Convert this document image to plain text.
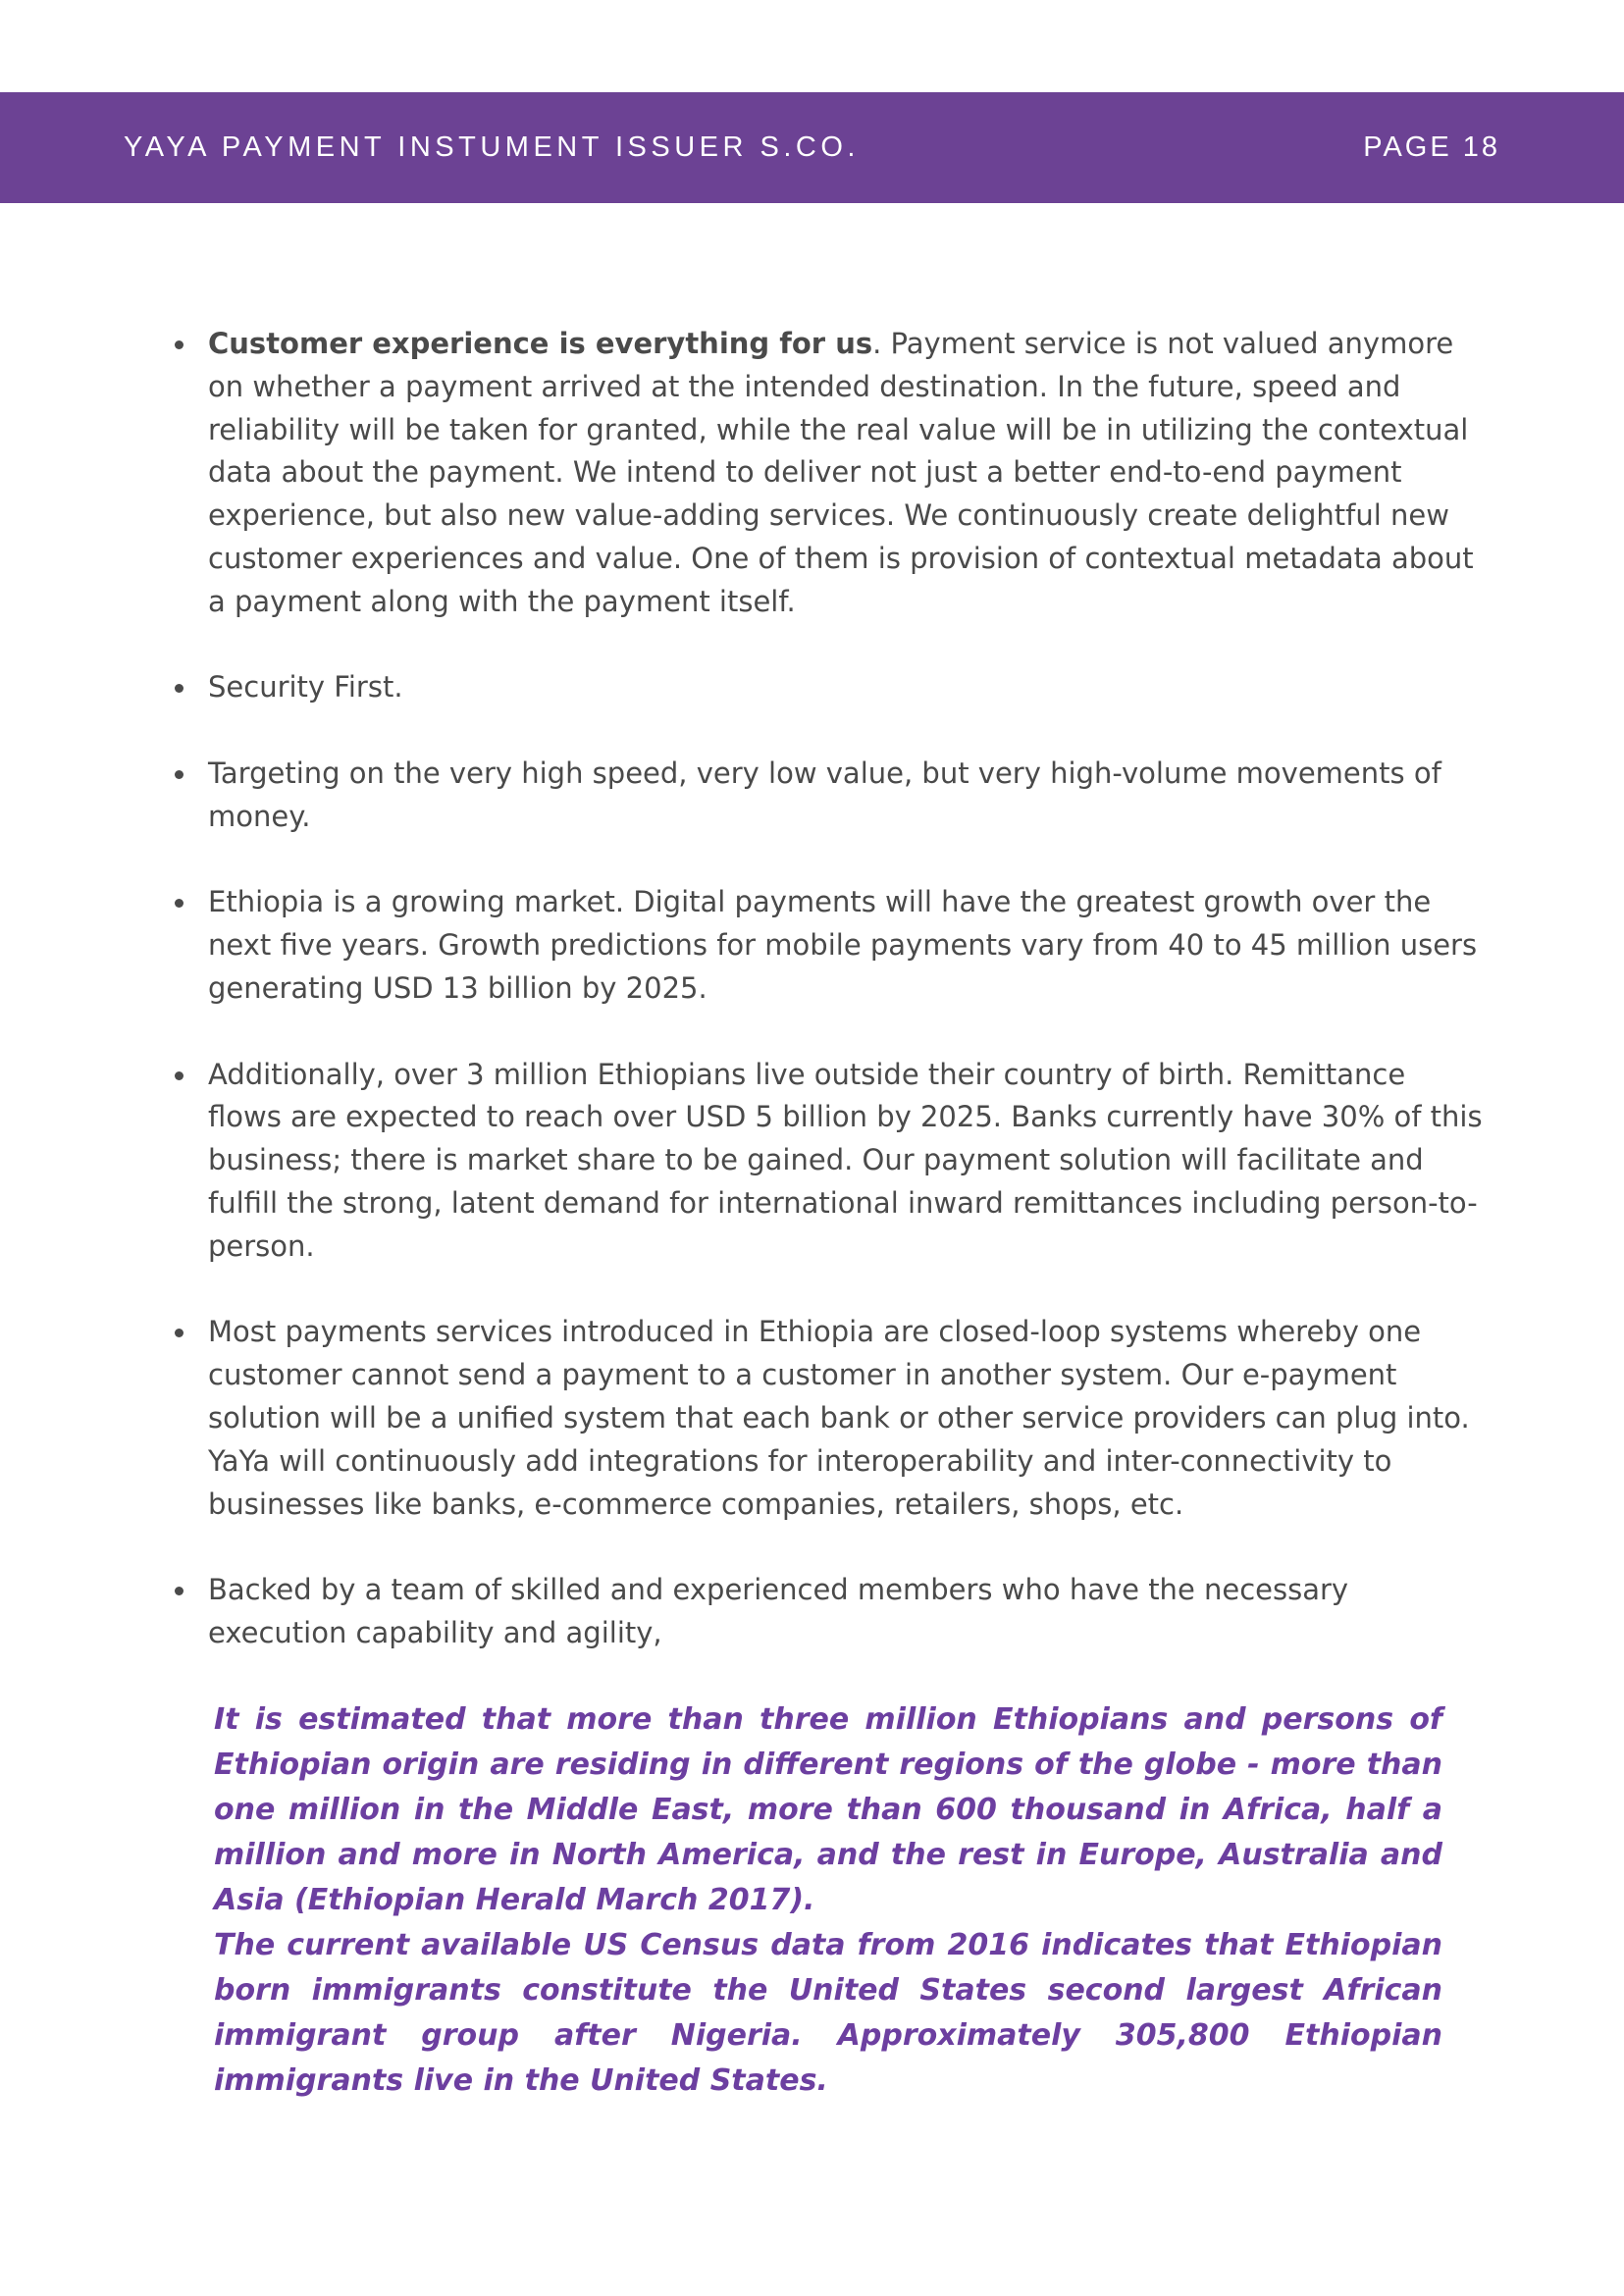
YAYA PAYMENT INSTUMENT ISSUER S.CO.	PAGE 18
Customer experience is everything for us. Payment service is not valued anymore on whether a payment arrived at the intended destination. In the future, speed and reliability will be taken for granted, while the real value will be in utilizing the contextual data about the payment. We intend to deliver not just a better end-to-end payment experience, but also new value-adding services. We continuously create delightful new customer experiences and value. One of them is provision of contextual metadata about a payment along with the payment itself.
Security First.
Targeting on the very high speed, very low value, but very high-volume movements of money.
Ethiopia is a growing market. Digital payments will have the greatest growth over the next five years. Growth predictions for mobile payments vary from 40 to 45 million users generating USD 13 billion by 2025.
Additionally, over 3 million Ethiopians live outside their country of birth. Remittance flows are expected to reach over USD 5 billion by 2025. Banks currently have 30% of this business; there is market share to be gained. Our payment solution will facilitate and fulfill the strong, latent demand for international inward remittances including person-to-person.
Most payments services introduced in Ethiopia are closed-loop systems whereby one customer cannot send a payment to a customer in another system. Our e-payment solution will be a unified system that each bank or other service providers can plug into. YaYa will continuously add integrations for interoperability and inter-connectivity to businesses like banks, e-commerce companies, retailers, shops, etc.
Backed by a team of skilled and experienced members who have the necessary execution capability and agility,

It is estimated that more than three million Ethiopians and persons of Ethiopian origin are residing in different regions of the globe - more than one million in the Middle East, more than 600 thousand in Africa, half a million and more in North America, and the rest in Europe, Australia and Asia (Ethiopian Herald March 2017).

The current available US Census data from 2016 indicates that Ethiopian born immigrants constitute the United States second largest African immigrant group after Nigeria. Approximately 305,800 Ethiopian immigrants live in the United States.
